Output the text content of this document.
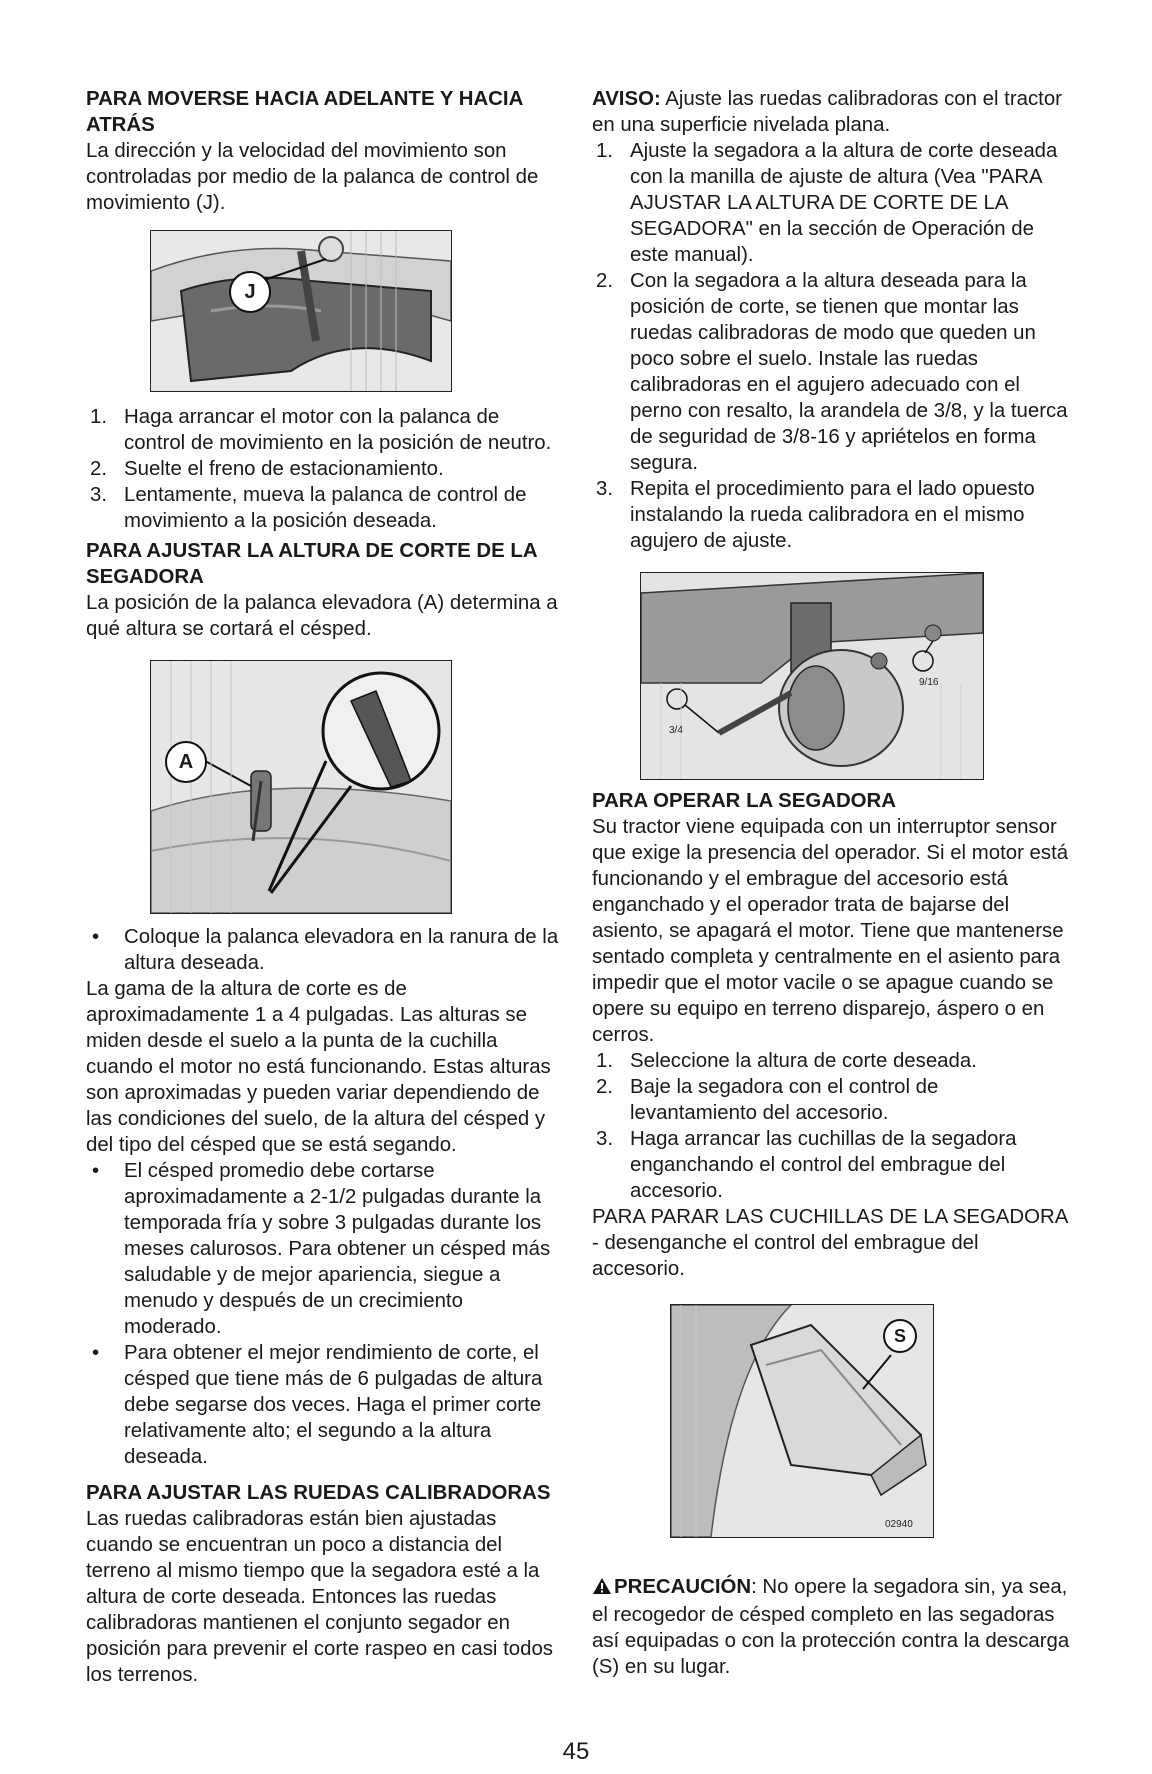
PARA MOVERSE HACIA ADELANTE Y HACIA ATRÁS

La dirección y la velocidad del movimiento son controladas por medio de la palanca de control de movimiento (J).

J
1. Haga arrancar el motor con la palanca de control de movimiento en la posición de neutro.
2. Suelte el freno de estacionamiento.
3. Lentamente, mueva la palanca de control de movimiento a la posición deseada.
PARA AJUSTAR LA ALTURA DE CORTE DE LA SEGADORA

La posición de la palanca elevadora (A) determina a qué altura se cortará el césped.

A
• Coloque la palanca elevadora en la ranura de la altura deseada.

La gama de la altura de corte es de aproximadamente 1 a 4 pulgadas. Las alturas se miden desde el suelo a la punta de la cuchilla cuando el motor no está funcionando. Estas alturas son aproximadas y pueden variar dependiendo de las condiciones del suelo, de la altura del césped y del tipo del césped que se está segando.

• El césped promedio debe cortarse aproximadamente a 2-1/2 pulgadas durante la temporada fría y sobre 3 pulgadas durante los meses calurosos. Para obtener un césped más saludable y de mejor apariencia, siegue a menudo y después de un crecimiento moderado.
• Para obtener el mejor rendimiento de corte, el césped que tiene más de 6 pulgadas de altura debe segarse dos veces. Haga el primer corte relativamente alto; el segundo a la altura deseada.
PARA AJUSTAR LAS RUEDAS CALIBRADORAS

Las ruedas calibradoras están bien ajustadas cuando se encuentran un poco a distancia del terreno al mismo tiempo que la segadora esté a la altura de corte deseada. Entonces las ruedas calibradoras mantienen el conjunto segador en posición para prevenir el corte raspeo en casi todos los terrenos.

AVISO: Ajuste las ruedas calibradoras con el tractor en una superficie nivelada plana.

1. Ajuste la segadora a la altura de corte deseada con la manilla de ajuste de altura (Vea "PARA AJUSTAR LA ALTURA DE CORTE DE LA SEGADORA" en la sección de Operación de este manual).
2. Con la segadora a la altura deseada para la posición de corte, se tienen que montar las ruedas calibradoras de modo que queden un poco sobre el suelo. Instale las ruedas calibradoras en el agujero adecuado con el perno con resalto, la arandela de 3/8, y la tuerca de seguridad de 3/8-16 y apriételos en forma segura.
3. Repita el procedimiento para el lado opuesto instalando la rueda calibradora en el mismo agujero de ajuste.
9/16
3/4
PARA OPERAR LA SEGADORA

Su tractor viene equipada con un interruptor sensor que exige la presencia del operador. Si el motor está funcionando y el embrague del accesorio está enganchado y el operador trata de bajarse del asiento, se apagará el motor. Tiene que mantenerse sentado completa y centralmente en el asiento para impedir que el motor vacile o se apague cuando se opere su equipo en terreno disparejo, áspero o en cerros.

1. Seleccione la altura de corte deseada.
2. Baje la segadora con el control de levantamiento del accesorio.
3. Haga arrancar las cuchillas de la segadora enganchando el control del embrague del accesorio.

PARA PARAR LAS CUCHILLAS DE LA SEGADORA - desenganche el control del embrague del accesorio.

S
02940

PRECAUCIÓN: No opere la segadora sin, ya sea, el recogedor de césped completo en las segadoras así equipadas o con la protección contra la descarga (S) en su lugar.

45
